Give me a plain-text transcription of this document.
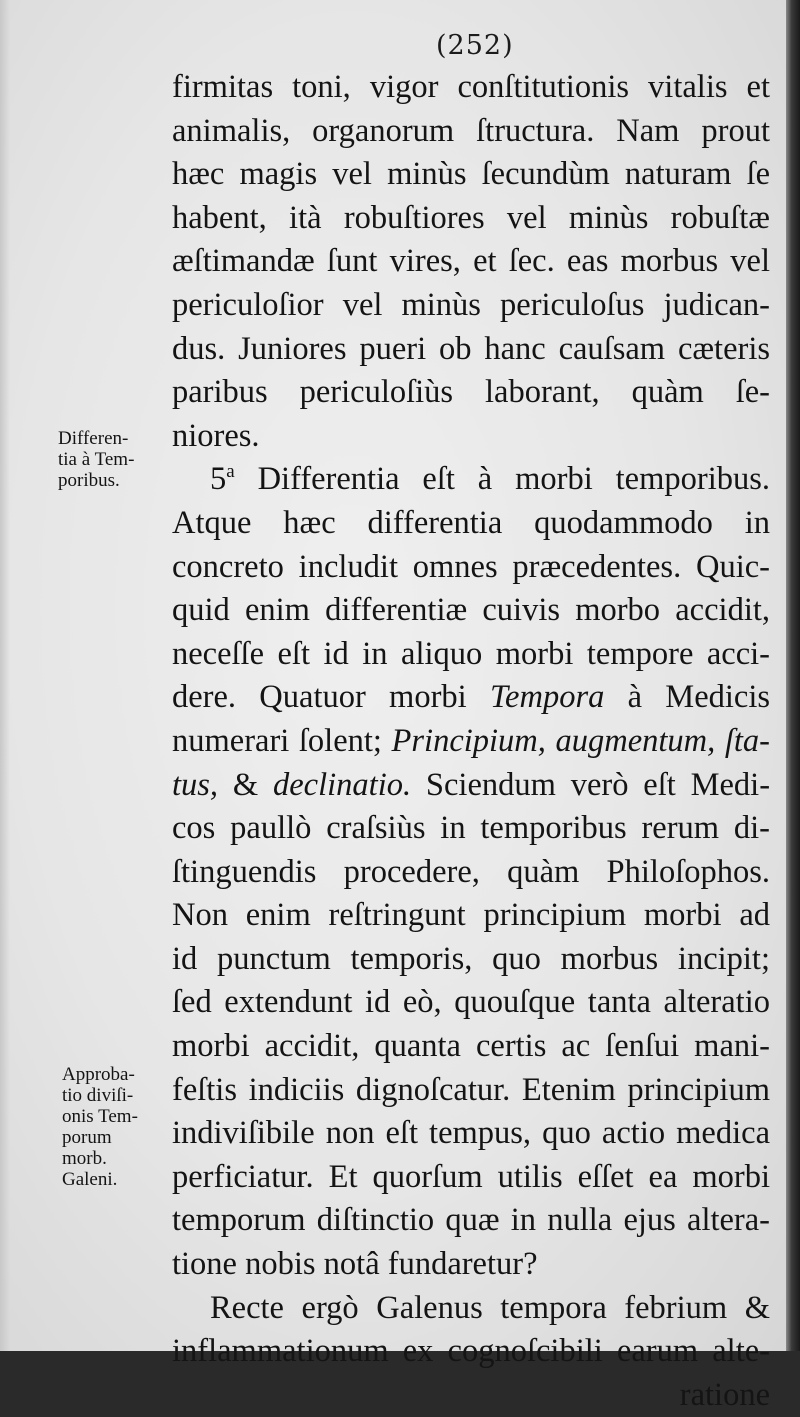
(252)
Differen-
tia à Tem-
poribus.
Approba-
tio diviſi-
onis Tem-
porum
morb.
Galeni.
firmitas toni, vigor conſtitutionis vitalis et
animalis, organorum ſtructura. Nam prout
hæc magis vel minùs ſecundùm naturam ſe
habent, ità robuſtiores vel minùs robuſtæ
æſtimandæ ſunt vires, et ſec. eas morbus vel
periculoſior vel minùs periculoſus judican-
dus. Juniores pueri ob hanc cauſsam cæteris
paribus periculoſiùs laborant, quàm ſe-
niores.
5$^a$ Differentia eſt à morbi temporibus.
Atque hæc differentia quodammodo in
concreto includit omnes præcedentes. Quic-
quid enim differentiæ cuivis morbo accidit,
neceſſe eſt id in aliquo morbi tempore acci-
dere. Quatuor morbi Tempora à Medicis
numerari ſolent; Principium, augmentum, ſta-
tus, & declinatio. Sciendum verò eſt Medi-
cos paullò craſsiùs in temporibus rerum di-
ſtinguendis procedere, quàm Philoſophos.
Non enim reſtringunt principium morbi ad
id punctum temporis, quo morbus incipit;
ſed extendunt id eò, quouſque tanta alteratio
morbi accidit, quanta certis ac ſenſui mani-
feſtis indiciis dignoſcatur. Etenim principium
indiviſibile non eſt tempus, quo actio medica
perficiatur. Et quorſum utilis eſſet ea morbi
temporum diſtinctio quæ in nulla ejus altera-
tione nobis notâ fundaretur?
Recte ergò Galenus tempora febrium &
inflammationum ex cognoſcibili earum alte-
ratione
